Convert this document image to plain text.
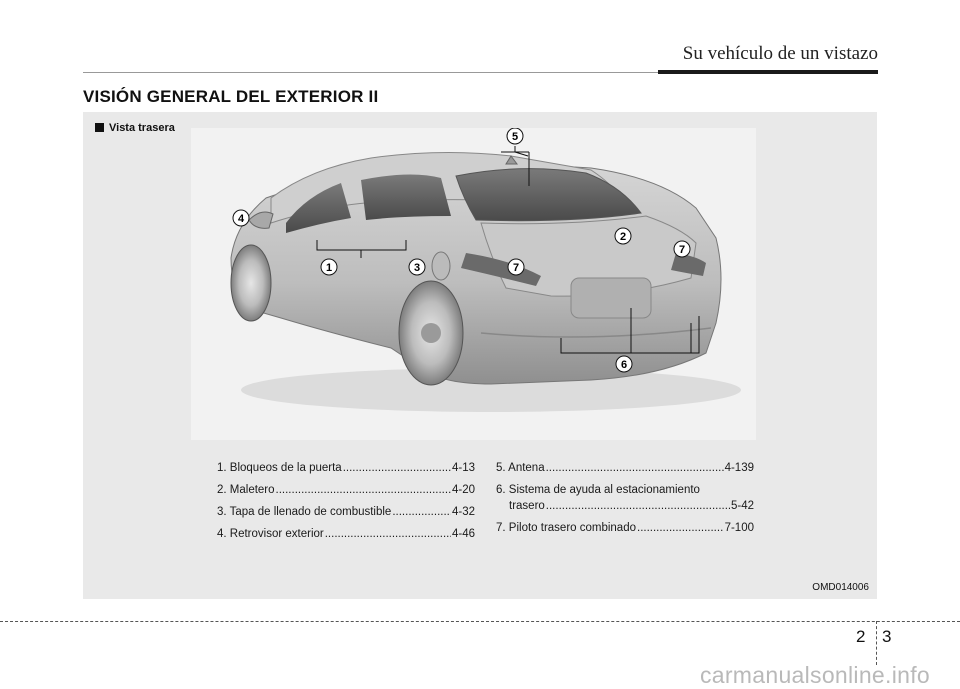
Su vehículo de un vistazo
VISIÓN GENERAL DEL EXTERIOR II
Vista trasera
4
1	3
5
7
2
7
6
1. Bloqueos de la puerta .....	4-13
2. Maletero .....	4-20
3. Tapa de llenado de combustible .....	4-32
4. Retrovisor exterior .....	4-46
5. Antena .....	4-139
6. Sistema de ayuda al estacionamiento
trasero .....	5-42
7. Piloto trasero combinado .....	7-100
OMD014006
2 3
carmanualsonline.info
